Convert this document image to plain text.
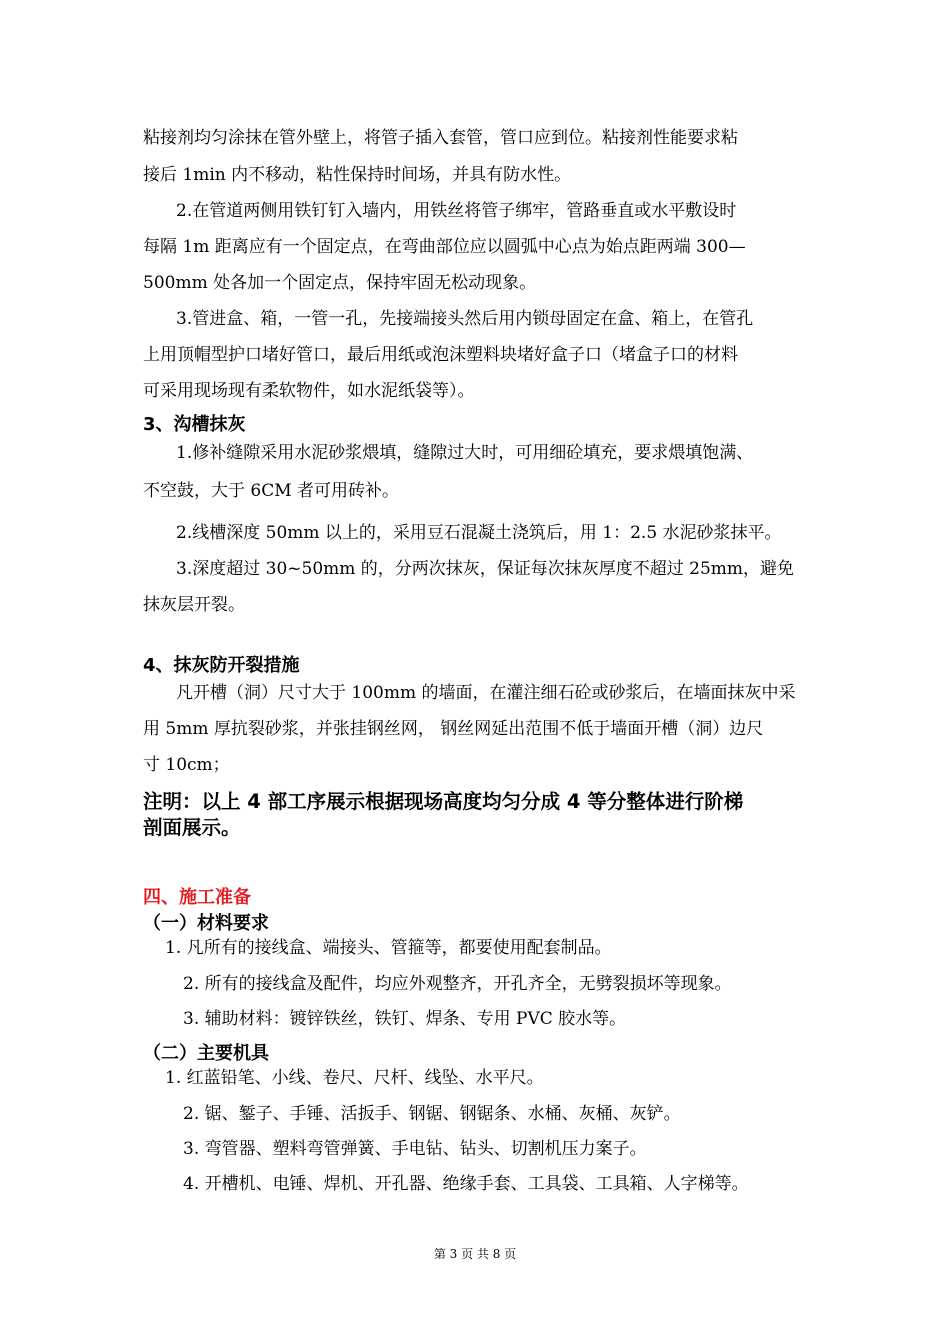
粘接剂均匀涂抹在管外壁上，将管子插入套管，管口应到位。粘接剂性能要求粘
接后 1min 内不移动，粘性保持时间场，并具有防水性。
2.在管道两侧用铁钉钉入墙内，用铁丝将管子绑牢，管路垂直或水平敷设时
每隔 1m 距离应有一个固定点，在弯曲部位应以圆弧中心点为始点距两端 300—
500mm 处各加一个固定点，保持牢固无松动现象。
3.管进盒、箱，一管一孔，先接端接头然后用内锁母固定在盒、箱上，在管孔
上用顶帽型护口堵好管口，最后用纸或泡沫塑料块堵好盒子口（堵盒子口的材料
可采用现场现有柔软物件，如水泥纸袋等）。
3、沟槽抹灰
1.修补缝隙采用水泥砂浆煨填，缝隙过大时，可用细砼填充，要求煨填饱满、
不空鼓，大于 6CM 者可用砖补。
2.线槽深度 50mm 以上的，采用豆石混凝土浇筑后，用 1：2.5 水泥砂浆抹平。
3.深度超过 30~50mm 的，分两次抹灰，保证每次抹灰厚度不超过 25mm，避免
抹灰层开裂。
4、抹灰防开裂措施
凡开槽（洞）尺寸大于 100mm 的墙面，在灌注细石砼或砂浆后，在墙面抹灰中采
用 5mm 厚抗裂砂浆，并张挂钢丝网， 钢丝网延出范围不低于墙面开槽（洞）边尺
寸 10cm；
注明：以上 4 部工序展示根据现场高度均匀分成 4 等分整体进行阶梯
剖面展示。
四、施工准备
（一）材料要求
1. 凡所有的接线盒、端接头、管箍等，都要使用配套制品。
2. 所有的接线盒及配件，均应外观整齐，开孔齐全，无劈裂损坏等现象。
3. 辅助材料：镀锌铁丝，铁钉、焊条、专用 PVC 胶水等。
（二）主要机具
1. 红蓝铅笔、小线、卷尺、尺杆、线坠、水平尺。
2. 锯、錾子、手锤、活扳手、钢锯、钢锯条、水桶、灰桶、灰铲。
3. 弯管器、塑料弯管弹簧、手电钻、钻头、切割机压力案子。
4. 开槽机、电锤、焊机、开孔器、绝缘手套、工具袋、工具箱、人字梯等。
第 3 页 共 8 页
